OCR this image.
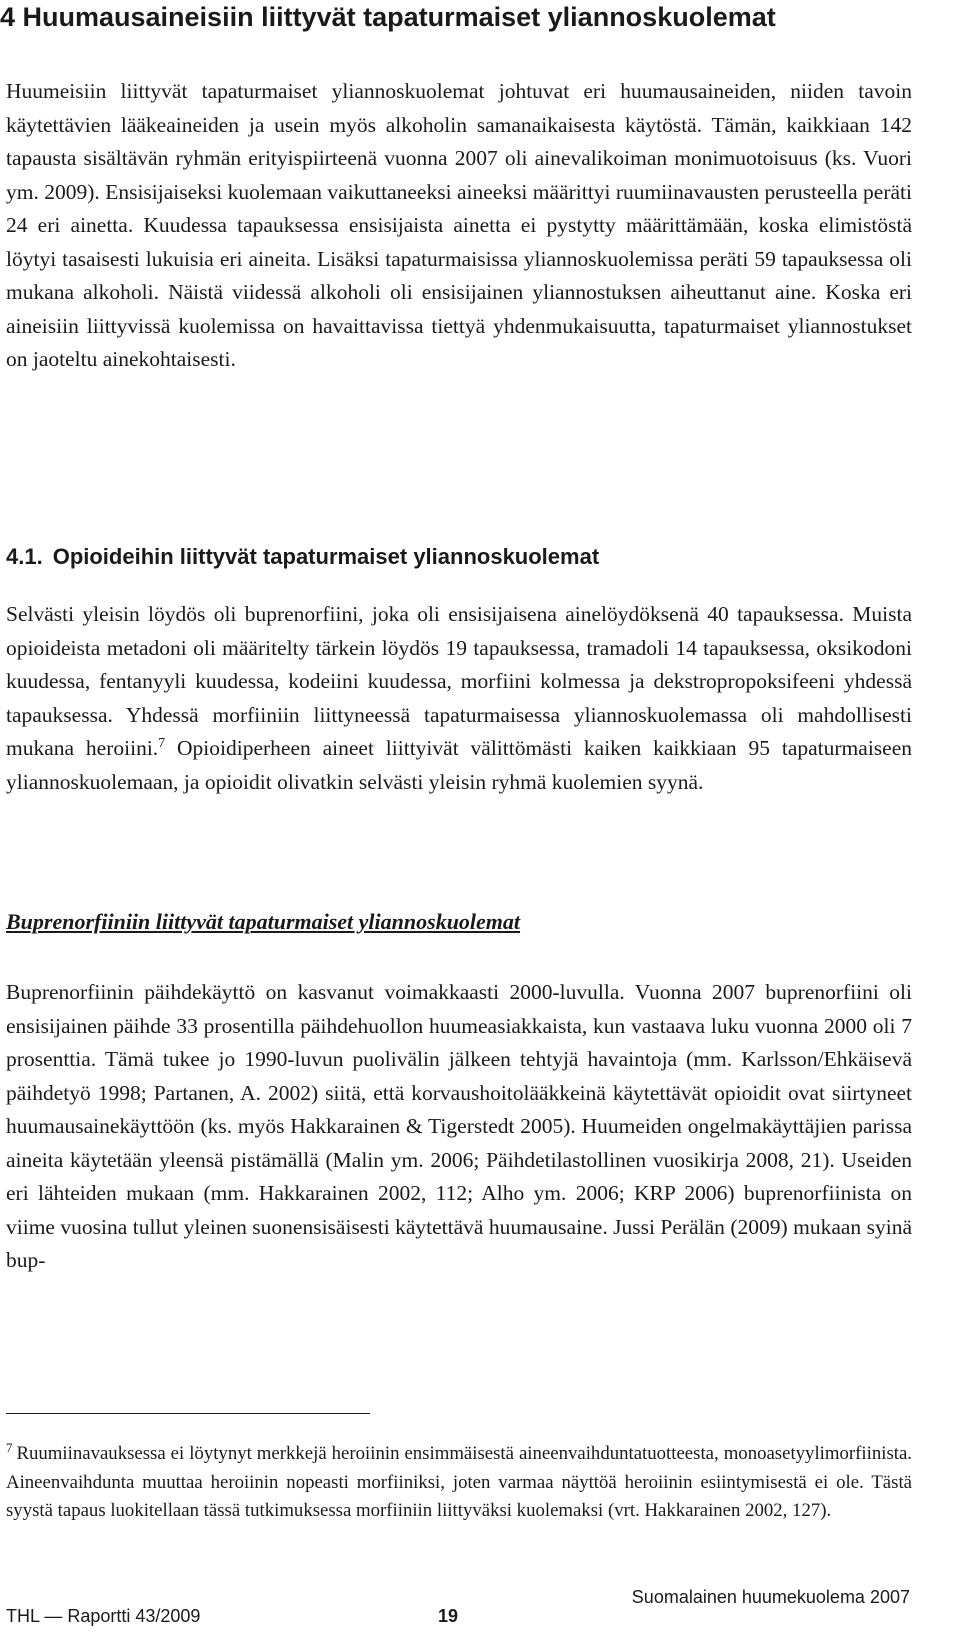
4 Huumausaineisiin liittyvät tapaturmaiset yliannoskuolemat

Huumeisiin liittyvät tapaturmaiset yliannoskuolemat johtuvat eri huumausaineiden, niiden tavoin käytettävien lääkeaineiden ja usein myös alkoholin samanaikaisesta käytöstä. Tämän, kaikkiaan 142 tapausta sisältävän ryhmän erityispiirteenä vuonna 2007 oli ainevalikoiman monimuotoisuus (ks. Vuori ym. 2009). Ensisijaiseksi kuolemaan vaikuttaneeksi aineeksi määrittyi ruumiinavausten perusteella peräti 24 eri ainetta. Kuudessa tapauksessa ensisijaista ainetta ei pystytty määrittämään, koska elimistöstä löytyi tasaisesti lukuisia eri aineita. Lisäksi tapaturmaisissa yliannoskuolemissa peräti 59 tapauksessa oli mukana alkoholi. Näistä viidessä alkoholi oli ensisijainen yliannostuksen aiheuttanut aine. Koska eri aineisiin liittyvissä kuolemissa on havaittavissa tiettyä yhdenmukaisuutta, tapaturmaiset yliannostukset on jaoteltu ainekohtaisesti.

4.1. Opioideihin liittyvät tapaturmaiset yliannoskuolemat

Selvästi yleisin löydös oli buprenorfiini, joka oli ensisijaisena ainelöydöksenä 40 tapauksessa. Muista opioideista metadoni oli määritelty tärkein löydös 19 tapauksessa, tramadoli 14 tapauksessa, oksikodoni kuudessa, fentanyyli kuudessa, kodeiini kuudessa, morfiini kolmessa ja dekstropropoksifeeni yhdessä tapauksessa. Yhdessä morfiiniin liittyneessä tapaturmaisessa yliannoskuolemassa oli mahdollisesti mukana heroiini.$^7$ Opioidiperheen aineet liittyivät välittömästi kaiken kaikkiaan 95 tapaturmaiseen yliannoskuolemaan, ja opioidit olivatkin selvästi yleisin ryhmä kuolemien syynä.

Buprenorfiiniin liittyvät tapaturmaiset yliannoskuolemat

Buprenorfiinin päihdekäyttö on kasvanut voimakkaasti 2000-luvulla. Vuonna 2007 buprenorfiini oli ensisijainen päihde 33 prosentilla päihdehuollon huumeasiakkaista, kun vastaava luku vuonna 2000 oli 7 prosenttia. Tämä tukee jo 1990-luvun puolivälin jälkeen tehtyjä havaintoja (mm. Karlsson/Ehkäisevä päihdetyö 1998; Partanen, A. 2002) siitä, että korvaushoitolääkkeinä käytettävät opioidit ovat siirtyneet huumausainekäyttöön (ks. myös Hakkarainen & Tigerstedt 2005). Huumeiden ongelmakäyttäjien parissa aineita käytetään yleensä pistämällä (Malin ym. 2006; Päihdetilastollinen vuosikirja 2008, 21). Useiden eri lähteiden mukaan (mm. Hakkarainen 2002, 112; Alho ym. 2006; KRP 2006) buprenorfiinista on viime vuosina tullut yleinen suonensisäisesti käytettävä huumausaine. Jussi Perälän (2009) mukaan syinä bup-

$^7$ Ruumiinavauksessa ei löytynyt merkkejä heroiinin ensimmäisestä aineenvaihduntatuotteesta, monoasetyylimorfiinista. Aineenvaihdunta muuttaa heroiinin nopeasti morfiiniksi, joten varmaa näyttöä heroiinin esiintymisestä ei ole. Tästä syystä tapaus luokitellaan tässä tutkimuksessa morfiiniin liittyväksi kuolemaksi (vrt. Hakkarainen 2002, 127).

THL — Raportti 43/2009	19
Suomalainen huumekuolema 2007
